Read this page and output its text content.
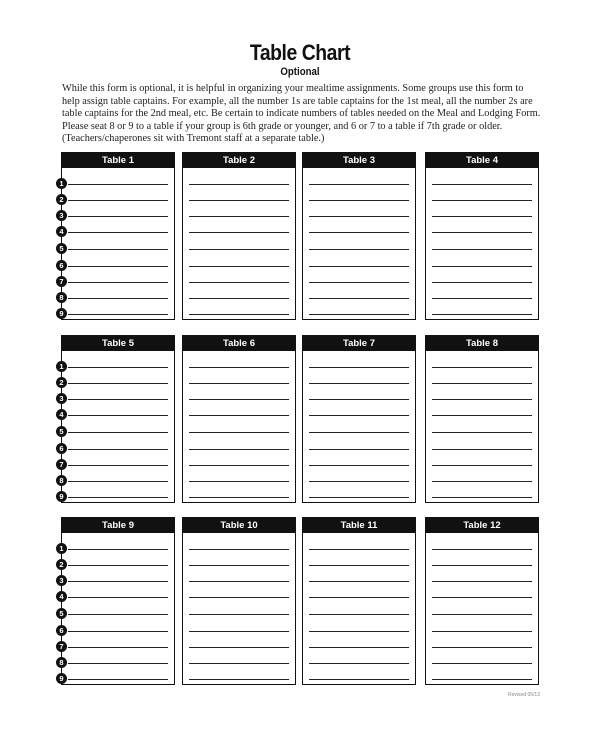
Table Chart
Optional
While this form is optional, it is helpful in organizing your mealtime assignments. Some groups use this form to help assign table captains. For example, all the number 1s are table captains for the 1st meal, all the number 2s are table captains for the 2nd meal, etc. Be certain to indicate numbers of tables needed on the Meal and Lodging Form. Please seat 8 or 9 to a table if your group is 6th grade or younger, and 6 or 7 to a table if 7th grade or older. (Teachers/chaperones sit with Tremont staff at a separate table.)
Table 1
1
2
3
4
5
6
7
8
9
Table 2	Table 3	Table 4
Table 5
1
2
3
4
5
6
7
8
9
Table 6	Table 7	Table 8
Table 9
1
2
3
4
5
6
7
8
9
Table 10	Table 11	Table 12
Revised 05/13
